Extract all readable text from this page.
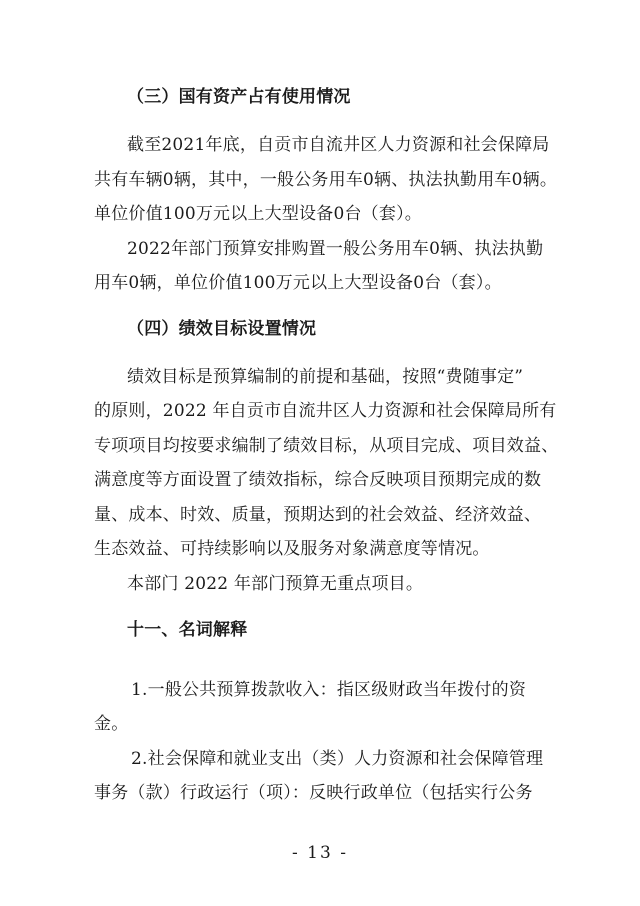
（三）国有资产占有使用情况
截至2021年底，自贡市自流井区人力资源和社会保障局
共有车辆0辆，其中，一般公务用车0辆、执法执勤用车0辆。
单位价值100万元以上大型设备0台（套）。
2022年部门预算安排购置一般公务用车0辆、执法执勤
用车0辆，单位价值100万元以上大型设备0台（套）。
（四）绩效目标设置情况
绩效目标是预算编制的前提和基础，按照“费随事定”
的原则，2022 年自贡市自流井区人力资源和社会保障局所有
专项项目均按要求编制了绩效目标，从项目完成、项目效益、
满意度等方面设置了绩效指标，综合反映项目预期完成的数
量、成本、时效、质量，预期达到的社会效益、经济效益、
生态效益、可持续影响以及服务对象满意度等情况。
本部门 2022 年部门预算无重点项目。
十一、名词解释
1.一般公共预算拨款收入：指区级财政当年拨付的资
金。
2.社会保障和就业支出（类）人力资源和社会保障管理
事务（款）行政运行（项）：反映行政单位（包括实行公务
- 13 -
